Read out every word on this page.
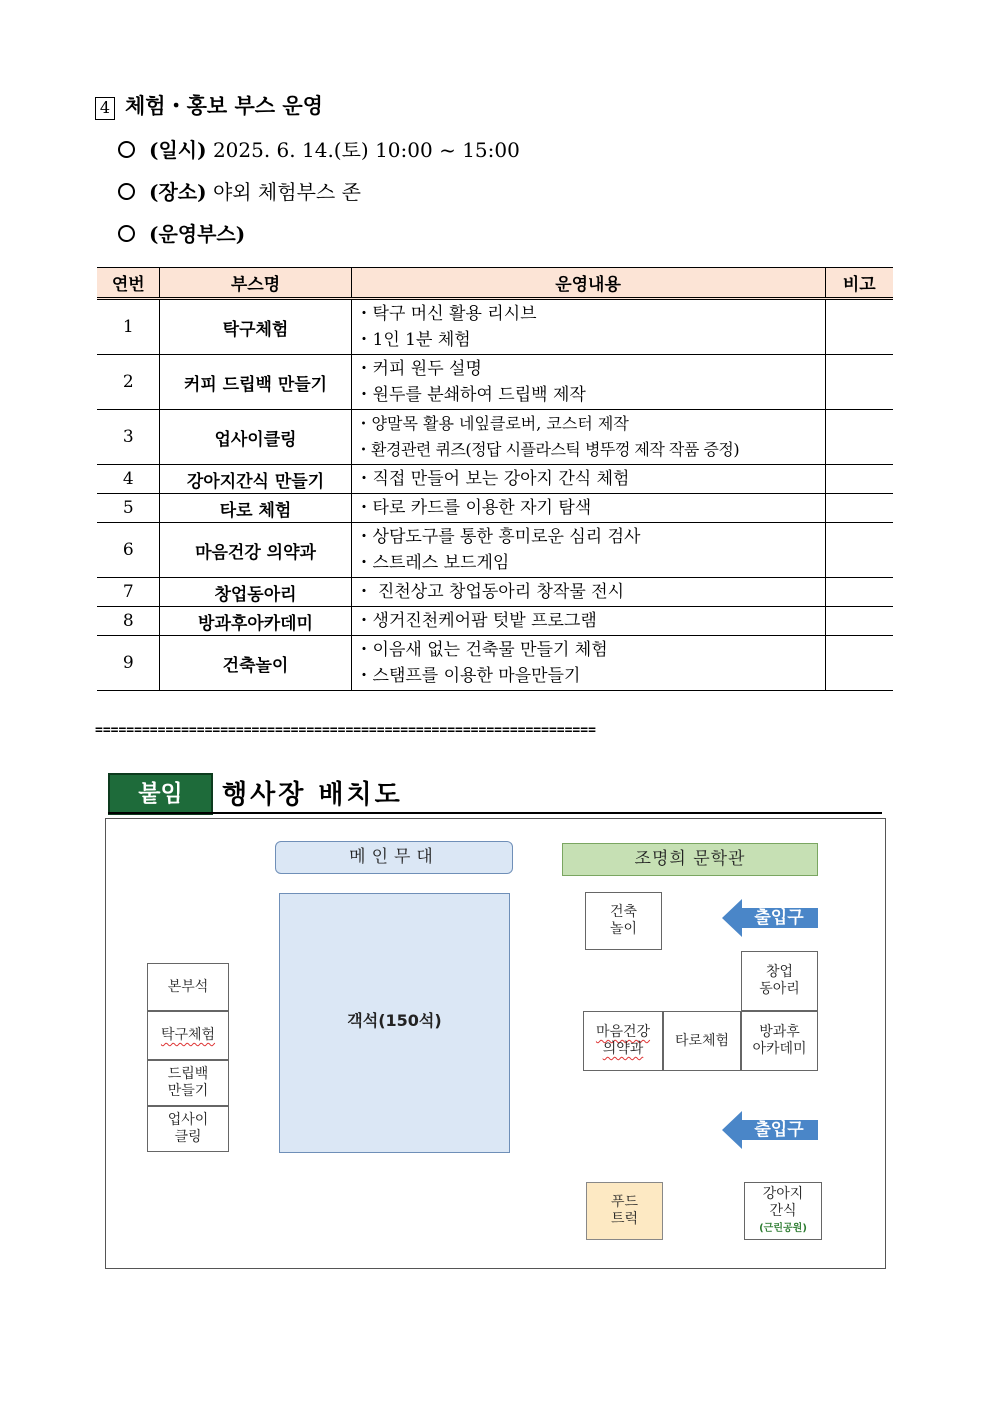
4 체험・홍보 부스 운영
(일시) 2025. 6. 14.(토) 10:00 ~ 15:00
(장소) 야외 체험부스 존
(운영부스)
연번	부스명	운영내용	비고
1	탁구체험	・탁구 머신 활용 리시브
・1인 1분 체험	

2	커피 드립백 만들기	・커피 원두 설명
・원두를 분쇄하여 드립백 제작	

3	업사이클링	・양말목 활용 네잎클로버, 코스터 제작
・환경관련 퀴즈(정답 시플라스틱 병뚜껑 제작 작품 증정)	

4	강아지간식 만들기	・직접 만들어 보는 강아지 간식 체험	

5	타로 체험	・타로 카드를 이용한 자기 탐색	

6	마음건강 의약과	・상담도구를 통한 흥미로운 심리 검사
・스트레스 보드게임	

7	창업동아리	・ 진천상고 창업동아리 창작물 전시	

8	방과후아카데미	・생거진천케어팜 텃밭 프로그램	

9	건축놀이	・이음새 없는 건축물 만들기 체험
・스탬프를 이용한 마을만들기	

================================================================
붙임	행사장 배치도
메인무대	조명희 문학관
객석(150석)
본부석
탁구체험
드립백
만들기
업사이
클링
건축
놀이
창업
동아리
마음건강
의약과
타로체험
방과후
아카데미
푸드
트럭
강아지
간식
(근린공원)
출입구
출입구
